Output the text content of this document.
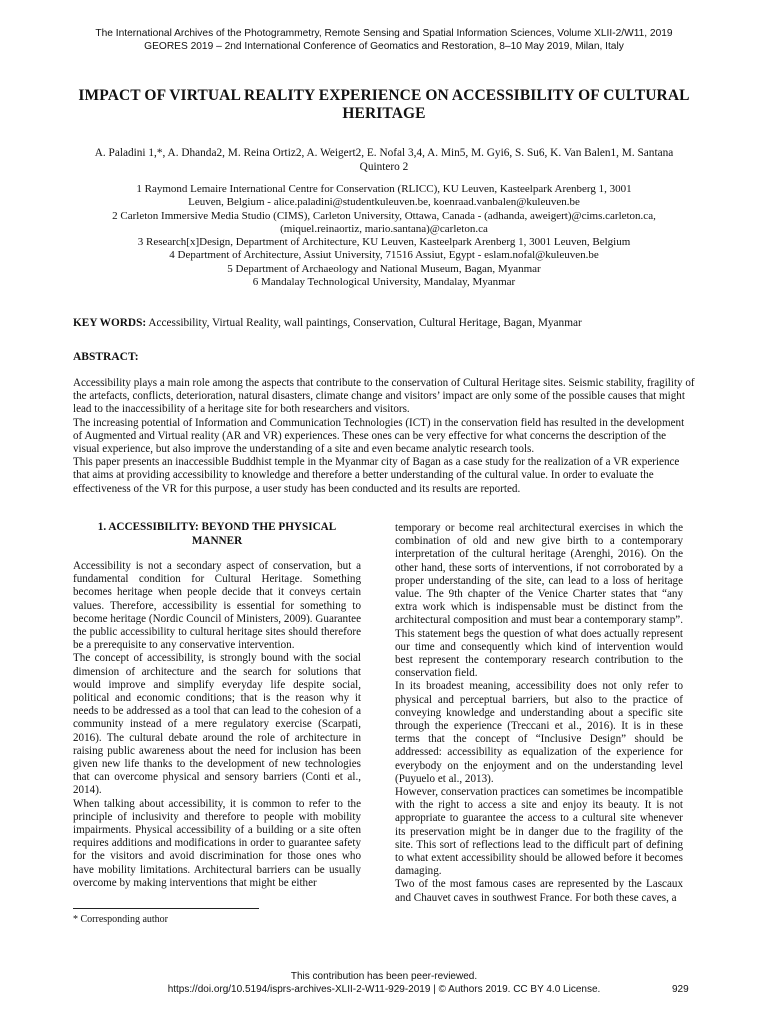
The International Archives of the Photogrammetry, Remote Sensing and Spatial Information Sciences, Volume XLII-2/W11, 2019
GEORES 2019 – 2nd International Conference of Geomatics and Restoration, 8–10 May 2019, Milan, Italy
IMPACT OF VIRTUAL REALITY EXPERIENCE ON ACCESSIBILITY OF CULTURAL HERITAGE
A. Paladini 1,*, A. Dhanda2, M. Reina Ortiz2, A. Weigert2, E. Nofal 3,4, A. Min5, M. Gyi6, S. Su6, K. Van Balen1, M. Santana Quintero 2
1 Raymond Lemaire International Centre for Conservation (RLICC), KU Leuven, Kasteelpark Arenberg 1, 3001
Leuven, Belgium - alice.paladini@studentkuleuven.be, koenraad.vanbalen@kuleuven.be
2 Carleton Immersive Media Studio (CIMS), Carleton University, Ottawa, Canada - (adhanda, aweigert)@cims.carleton.ca,
(miquel.reinaortiz, mario.santana)@carleton.ca
3 Research[x]Design, Department of Architecture, KU Leuven, Kasteelpark Arenberg 1, 3001 Leuven, Belgium
4 Department of Architecture, Assiut University, 71516 Assiut, Egypt - eslam.nofal@kuleuven.be
5 Department of Archaeology and National Museum, Bagan, Myanmar
6 Mandalay Technological University, Mandalay, Myanmar
KEY WORDS: Accessibility, Virtual Reality, wall paintings, Conservation, Cultural Heritage, Bagan, Myanmar
ABSTRACT:

Accessibility plays a main role among the aspects that contribute to the conservation of Cultural Heritage sites. Seismic stability, fragility of the artefacts, conflicts, deterioration, natural disasters, climate change and visitors’ impact are only some of the possible causes that might lead to the inaccessibility of a heritage site for both researchers and visitors.

The increasing potential of Information and Communication Technologies (ICT) in the conservation field has resulted in the development of Augmented and Virtual reality (AR and VR) experiences. These ones can be very effective for what concerns the description of the visual experience, but also improve the understanding of a site and even became analytic research tools.

This paper presents an inaccessible Buddhist temple in the Myanmar city of Bagan as a case study for the realization of a VR experience that aims at providing accessibility to knowledge and therefore a better understanding of the cultural value. In order to evaluate the effectiveness of the VR for this purpose, a user study has been conducted and its results are reported.

1. ACCESSIBILITY: BEYOND THE PHYSICAL MANNER

Accessibility is not a secondary aspect of conservation, but a fundamental condition for Cultural Heritage. Something becomes heritage when people decide that it conveys certain values. Therefore, accessibility is essential for something to become heritage (Nordic Council of Ministers, 2009). Guarantee the public accessibility to cultural heritage sites should therefore be a prerequisite to any conservative intervention.

The concept of accessibility, is strongly bound with the social dimension of architecture and the search for solutions that would improve and simplify everyday life despite social, political and economic conditions; that is the reason why it needs to be addressed as a tool that can lead to the cohesion of a community instead of a mere regulatory exercise (Scarpati, 2016). The cultural debate around the role of architecture in raising public awareness about the need for inclusion has been given new life thanks to the development of new technologies that can overcome physical and sensory barriers (Conti et al., 2014).

When talking about accessibility, it is common to refer to the principle of inclusivity and therefore to people with mobility impairments. Physical accessibility of a building or a site often requires additions and modifications in order to guarantee safety for the visitors and avoid discrimination for those ones who have mobility limitations. Architectural barriers can be usually overcome by making interventions that might be either

temporary or become real architectural exercises in which the combination of old and new give birth to a contemporary interpretation of the cultural heritage (Arenghi, 2016). On the other hand, these sorts of interventions, if not corroborated by a proper understanding of the site, can lead to a loss of heritage value. The 9th chapter of the Venice Charter states that “any extra work which is indispensable must be distinct from the architectural composition and must bear a contemporary stamp”. This statement begs the question of what does actually represent our time and consequently which kind of intervention would best represent the contemporary research contribution to the conservation field.

In its broadest meaning, accessibility does not only refer to physical and perceptual barriers, but also to the practice of conveying knowledge and understanding about a specific site through the experience (Treccani et al., 2016). It is in these terms that the concept of “Inclusive Design” should be addressed: accessibility as equalization of the experience for everybody on the enjoyment and on the understanding level (Puyuelo et al., 2013).

However, conservation practices can sometimes be incompatible with the right to access a site and enjoy its beauty. It is not appropriate to guarantee the access to a cultural site whenever its preservation might be in danger due to the fragility of the site. This sort of reflections lead to the difficult part of defining to what extent accessibility should be allowed before it becomes damaging.

Two of the most famous cases are represented by the Lascaux and Chauvet caves in southwest France. For both these caves, a

* Corresponding author
This contribution has been peer-reviewed.
https://doi.org/10.5194/isprs-archives-XLII-2-W11-929-2019 | © Authors 2019. CC BY 4.0 License.	929
